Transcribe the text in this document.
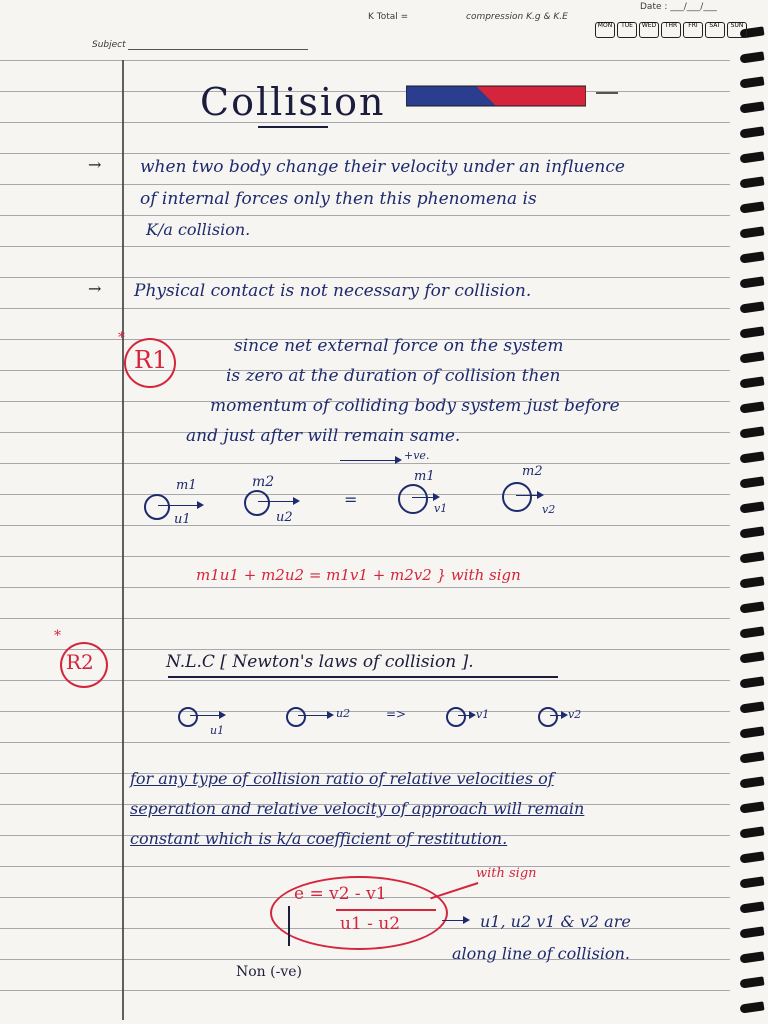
Subject
K Total =	compression K.g & K.E
Date : ___/___/___
MON TUE WED THR FRI SAT SUN
Collision
→
→
when two body change their velocity under an influence
of internal forces only then this phenomena is
K/a collision.
Physical contact is not necessary for collision.
*
R1	since net external force on the system
is zero at the duration of collision then
momentum of colliding body system just before
and just after will remain same.
+ve.
m1
u1
m2
u2
=
m1
v1
m2
v2
m1u1 + m2u2 = m1v1 + m2v2 } with sign
*
R2	N.L.C [ Newton's laws of collision ].
u1
u2	=>	v1	v2
for any type of collision ratio of relative velocities of
seperation and relative velocity of approach will remain
constant which is k/a coefficient of restitution.
with sign
e = v2 - v1
u1 - u2	u1, u2 v1 & v2 are
along line of collision.
Non (-ve)
